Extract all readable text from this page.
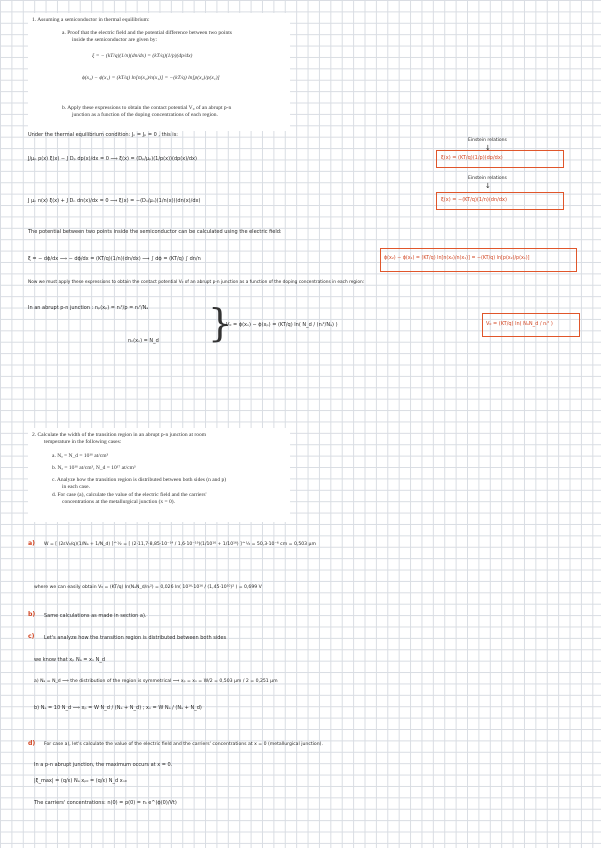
1. Assuming a semiconductor in thermal equilibrium:
a. Proof that the electric field and the potential difference between two points
inside the semiconductor are given by:
ξ = − (kT/q)(1/n)(dn/dx) = (kT/q)(1/p)(dp/dx)
ϕ(x₂) − ϕ(x₁) = (kT/q) ln[n(x₂)/n(x₁)] = −(kT/q) ln[p(x₂)/p(x₁)]
b. Apply these expressions to obtain the contact potential V₀ of an abrupt p-n
junction as a function of the doping concentrations of each region.
Under the thermal equilibrium condition: Jₙ = Jₚ = 0 , this is:
Einstein relations
↓
J/μₚ p(x) ξ(x) − J Dₚ dp(x)/dx = 0 ⟹ ξ(x) = (Dₚ/μₚ)(1/p(x))(dp(x)/dx)	ξ(x) = (KT/q)(1/p)(dp/dx)
Einstein relations
↓
J μₙ n(x) ξ(x) + J Dₙ dn(x)/dx = 0 ⟹ ξ(x) = −(Dₙ/μₙ)(1/n(x))(dn(x)/dx)	ξ(x) = −(KT/q)(1/n)(dn/dx)
The potential between two points inside the semiconductor can be calculated using the electric field:
ξ = − dϕ/dx ⟹ − dϕ/dx = (KT/q)(1/n)(dn/dx) ⟹ ∫ dϕ = (KT/q) ∫ dn/n	ϕ(x₂) − ϕ(x₁) = (KT/q) ln[n(x₂)/n(x₁)] = −(KT/q) ln[p(x₂)/p(x₁)]
Now we must apply these expressions to obtain the contact potential V₀ of an abrupt p-n junction as a function of the doping concentrations in each region:
In an abrupt p-n junction : nₚ(xₚ) = nᵢ²/p = nᵢ²/Nₐ
nₙ(xₙ) = N_d }
V₀ = ϕ(xₙ) − ϕ(xₚ) = (KT/q) ln( N_d / (nᵢ²/Nₐ) )	V₀ = (KT/q) ln( NₐN_d / nᵢ² )
2. Calculate the width of the transition region in an abrupt p-n junction at room
temperature in the following cases:
a. Nₐ = N_d = 10¹⁶ at/cm³
b. Nₐ = 10¹⁶ at/cm³, N_d = 10¹⁷ at/cm³
c. Analyze how the transition region is distributed between both sides (n and p)
in each case.
d. For case (a), calculate the value of the electric field and the carriers'
concentrations at the metallurgical junction (x = 0).
a) W = [ (2εV₀/q)(1/Nₐ + 1/N_d) ]^½ = [ (2·11,7·8,85·10⁻¹⁴ / 1,6·10⁻¹⁹)(1/10¹⁶ + 1/10¹⁶) ]^½ = 50,3·10⁻⁶ cm = 0,503 μm
where we can easily obtain V₀ = (KT/q) ln(NₐN_d/nᵢ²) = 0,026 ln( 10¹⁶·10¹⁶ / (1,45·10¹⁰)² ) = 0,699 V
b) Same calculations as made in section a).
c) Let's analyze how the transition region is distributed between both sides
we know that xₚ Nₐ = xₙ N_d
a) Nₐ = N_d ⟹ the distribution of the region is symmetrical ⟹ xₚ = xₙ = W/2 = 0,503 μm / 2 = 0,251 μm
b) Nₐ = 10 N_d ⟹ xₚ = W N_d / (Nₐ + N_d) ; xₙ = W Nₐ / (Nₐ + N_d)
d) For case a), let's calculate the value of the electric field and the carriers' concentrations at x = 0 (metallurgical junction).
In a p-n abrupt junction, the maximum occurs at x = 0.
|ξ_max| = (q/ε) Nₐ xₚ₀ = (q/ε) N_d xₙ₀
The carriers' concentrations: n(0) = p(0) = nᵢ e^(ϕ(0)/Vt)
